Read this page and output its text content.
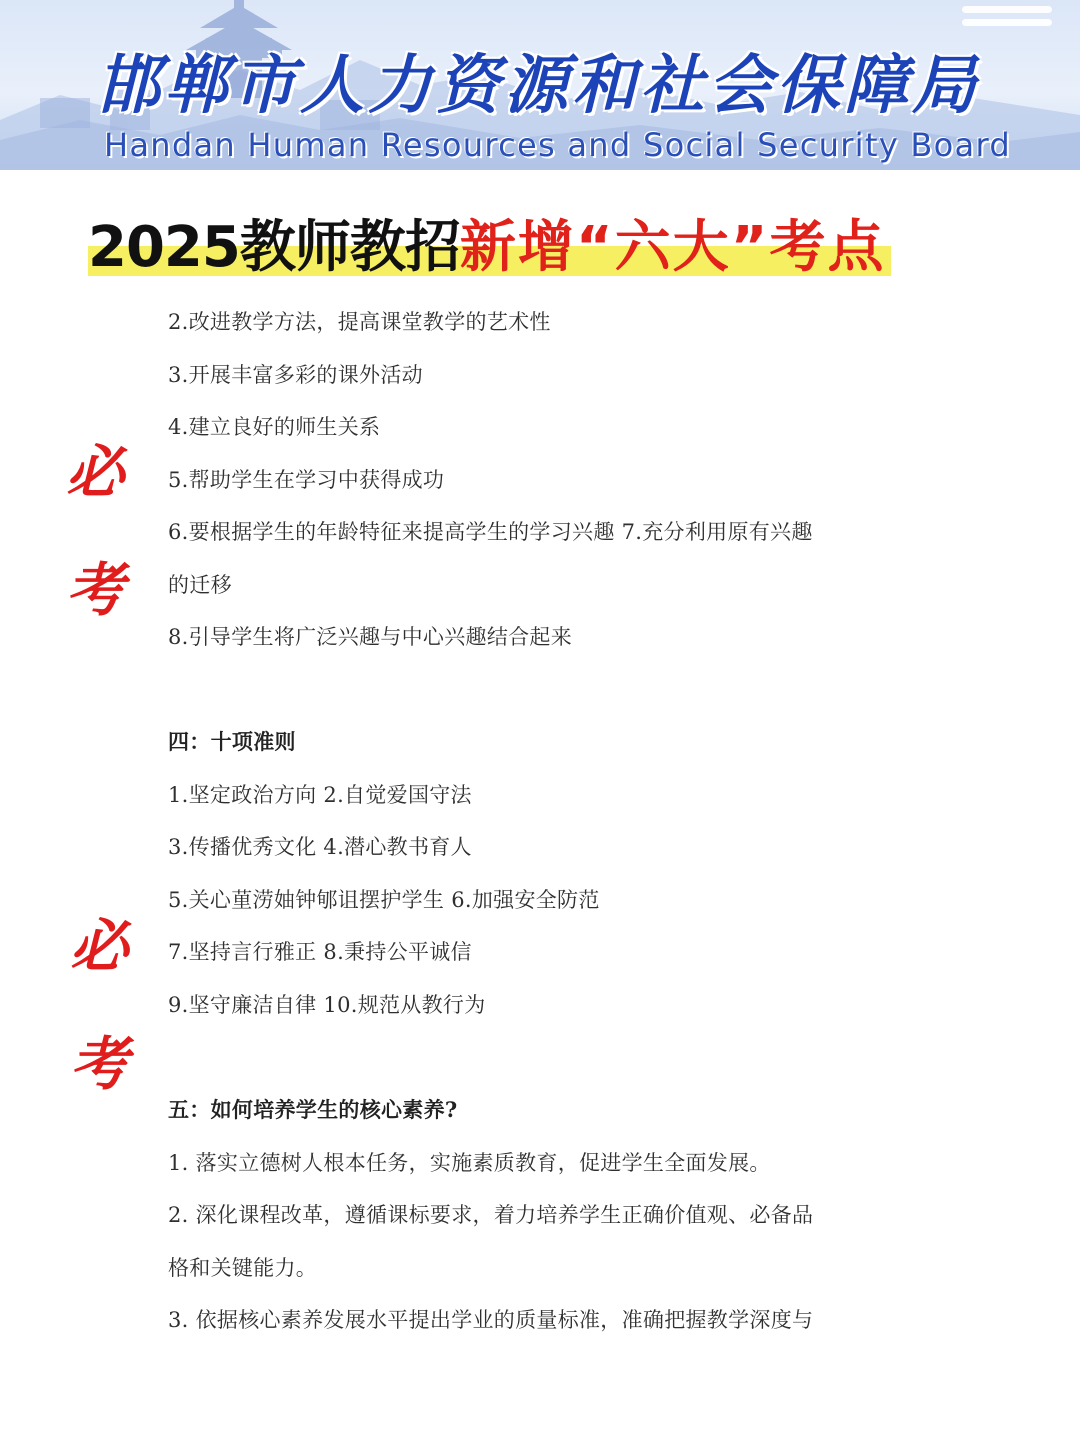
邯郸市人力资源和社会保障局
Handan Human Resources and Social Security Board
2025教师教招新增“六大”考点
必
考
必
考
2.改进教学方法，提高课堂教学的艺术性
3.开展丰富多彩的课外活动
4.建立良好的师生关系
5.帮助学生在学习中获得成功
6.要根据学生的年龄特征来提高学生的学习兴趣 7.充分利用原有兴趣
的迁移
8.引导学生将广泛兴趣与中心兴趣结合起来
四：十项准则
1.坚定政治方向 2.自觉爱国守法
3.传播优秀文化 4.潜心教书育人
5.关心荲涝妯钟郇诅摆护学生 6.加强安全防范
7.坚持言行雅正 8.秉持公平诚信
9.坚守廉洁自律 10.规范从教行为
五：如何培养学生的核心素养?
1. 落实立德树人根本任务，实施素质教育，促进学生全面发展。
2. 深化课程改革，遵循课标要求，着力培养学生正确价值观、必备品
格和关键能力。
3. 依据核心素养发展水平提出学业的质量标准，准确把握教学深度与
